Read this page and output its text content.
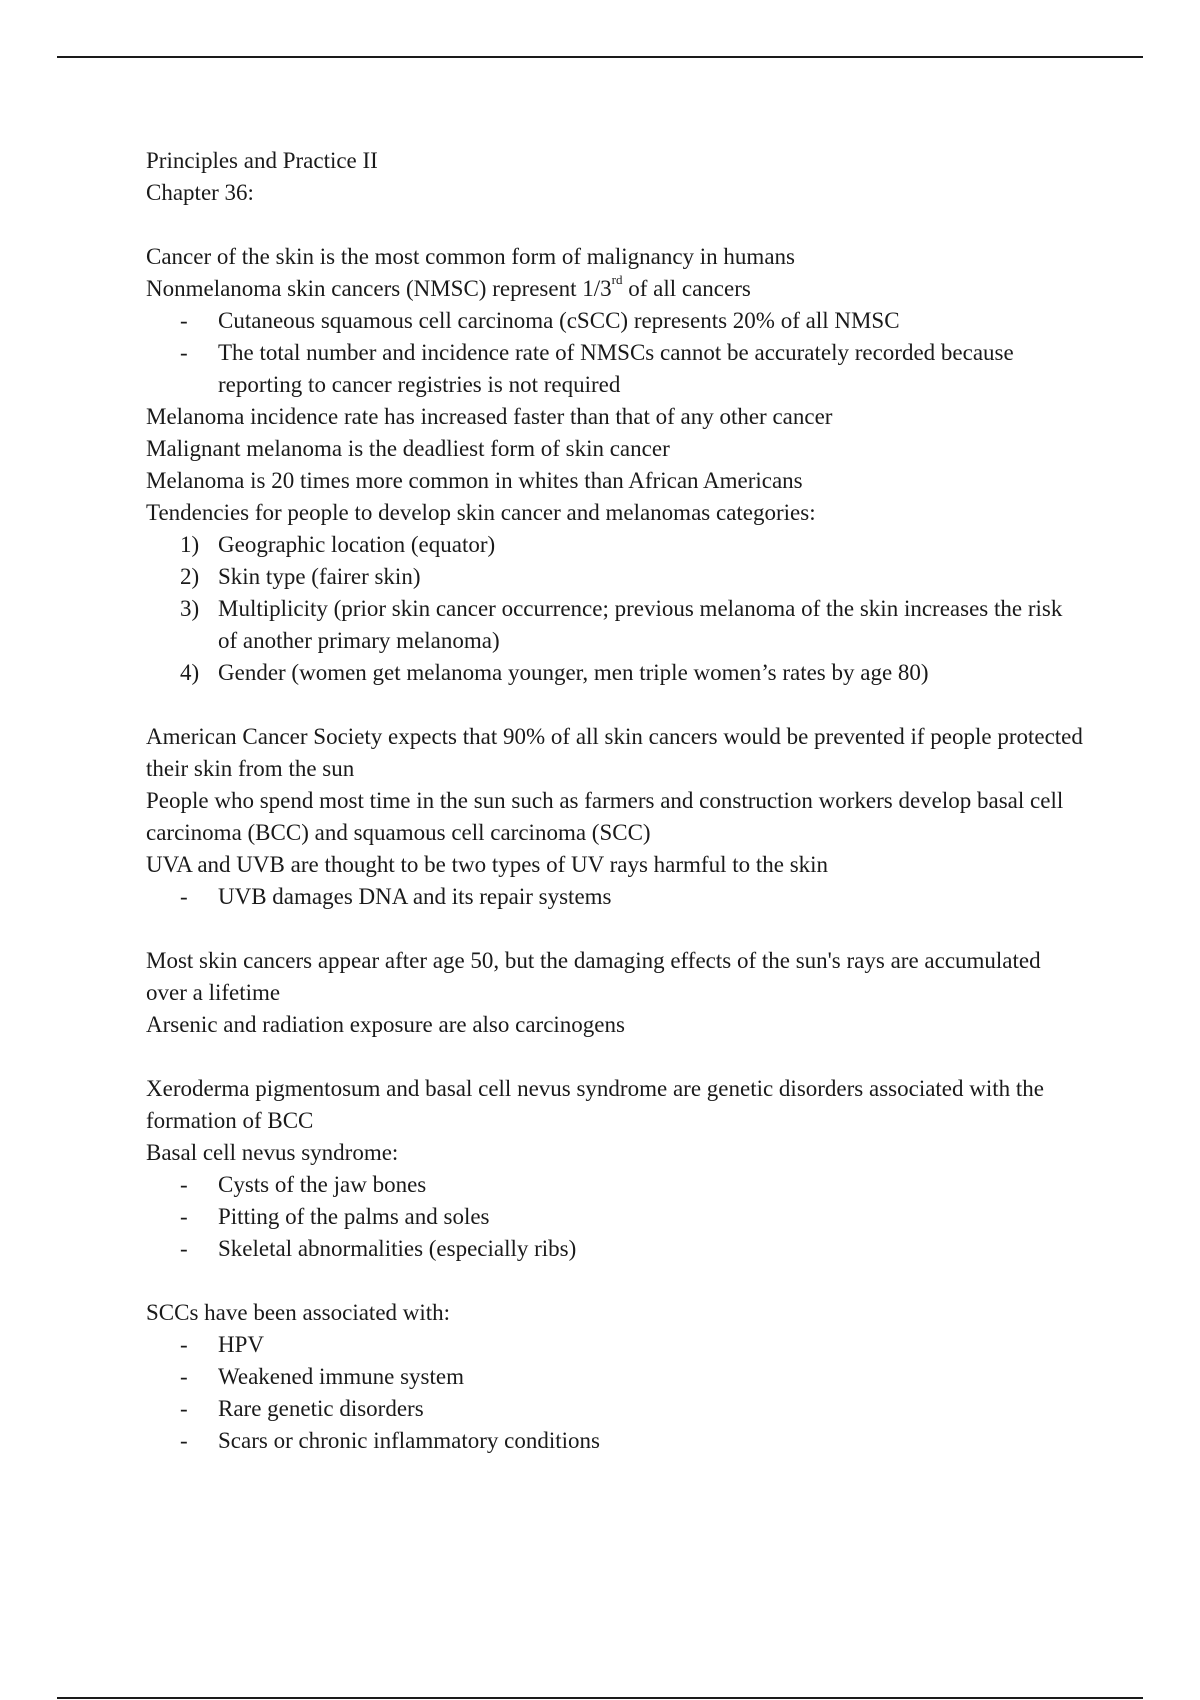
Principles and Practice II

Chapter 36:

Cancer of the skin is the most common form of malignancy in humans

Nonmelanoma skin cancers (NMSC) represent 1/3rd of all cancers

- Cutaneous squamous cell carcinoma (cSCC) represents 20% of all NMSC
- The total number and incidence rate of NMSCs cannot be accurately recorded because reporting to cancer registries is not required

Melanoma incidence rate has increased faster than that of any other cancer

Malignant melanoma is the deadliest form of skin cancer

Melanoma is 20 times more common in whites than African Americans

Tendencies for people to develop skin cancer and melanomas categories:

1) Geographic location (equator)
2) Skin type (fairer skin)
3) Multiplicity (prior skin cancer occurrence; previous melanoma of the skin increases the risk of another primary melanoma)
4) Gender (women get melanoma younger, men triple women’s rates by age 80)

American Cancer Society expects that 90% of all skin cancers would be prevented if people protected their skin from the sun

People who spend most time in the sun such as farmers and construction workers develop basal cell carcinoma (BCC) and squamous cell carcinoma (SCC)

UVA and UVB are thought to be two types of UV rays harmful to the skin

- UVB damages DNA and its repair systems

Most skin cancers appear after age 50, but the damaging effects of the sun's rays are accumulated over a lifetime

Arsenic and radiation exposure are also carcinogens

Xeroderma pigmentosum and basal cell nevus syndrome are genetic disorders associated with the formation of BCC

Basal cell nevus syndrome:

- Cysts of the jaw bones
- Pitting of the palms and soles
- Skeletal abnormalities (especially ribs)

SCCs have been associated with:

- HPV
- Weakened immune system
- Rare genetic disorders
- Scars or chronic inflammatory conditions
